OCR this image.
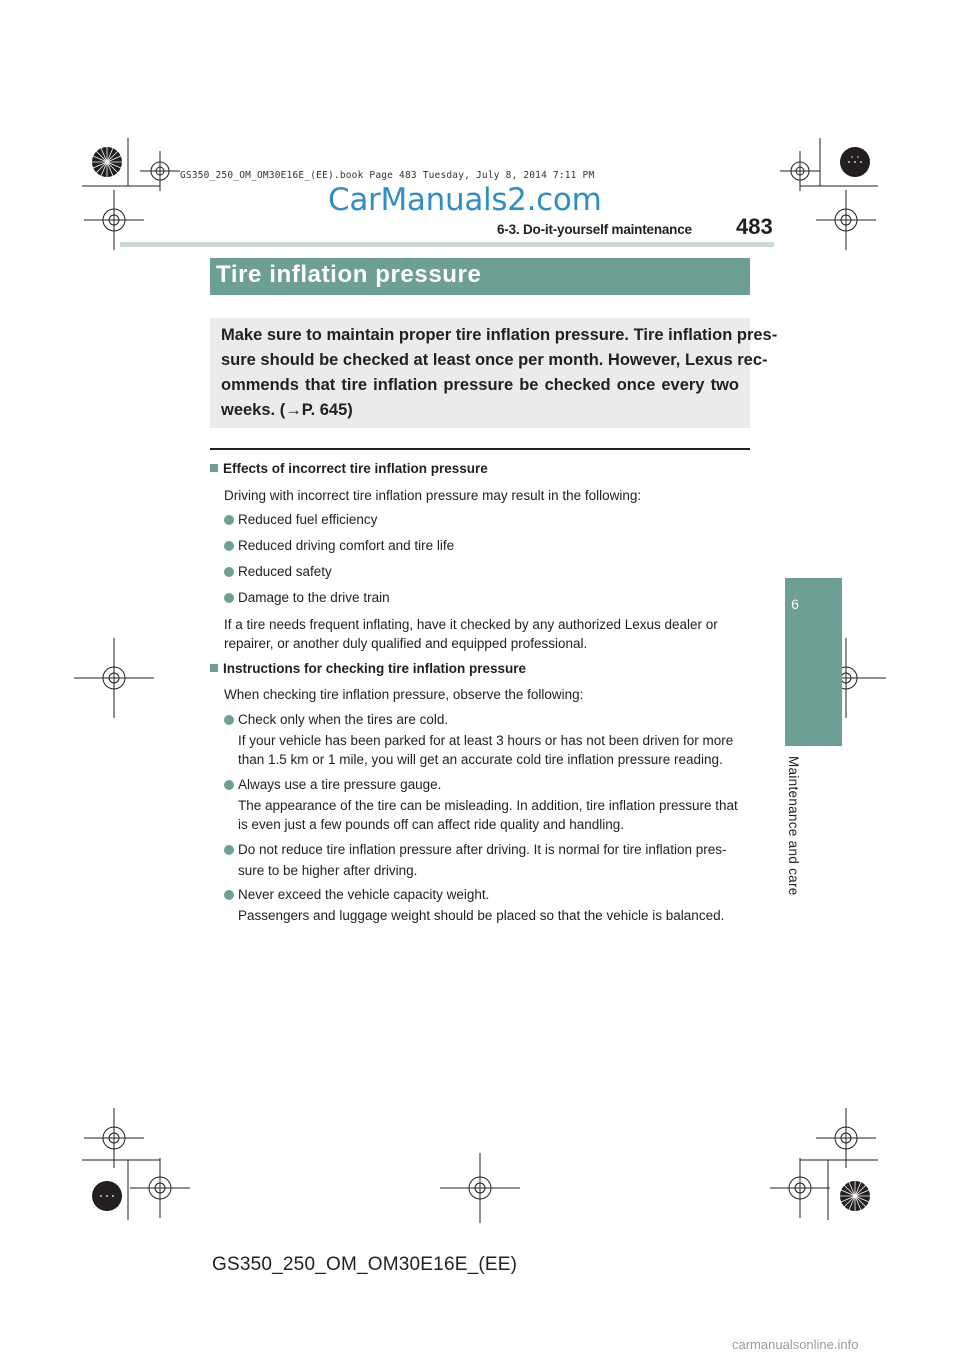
GS350_250_OM_OM30E16E_(EE).book Page 483 Tuesday, July 8, 2014 7:11 PM
CarManuals2.com
6-3. Do-it-yourself maintenance 483
6
Maintenance and care
Tire inflation pressure
Make sure to maintain proper tire inflation pressure. Tire inflation pres-
sure should be checked at least once per month. However, Lexus rec-
ommends that tire inflation pressure be checked once every two
weeks. (→P. 645)
Effects of incorrect tire inflation pressure
Driving with incorrect tire inflation pressure may result in the following:
Reduced fuel efficiency
Reduced driving comfort and tire life
Reduced safety
Damage to the drive train
If a tire needs frequent inflating, have it checked by any authorized Lexus dealer or
repairer, or another duly qualified and equipped professional.
Instructions for checking tire inflation pressure
When checking tire inflation pressure, observe the following:
Check only when the tires are cold.
If your vehicle has been parked for at least 3 hours or has not been driven for more
than 1.5 km or 1 mile, you will get an accurate cold tire inflation pressure reading.
Always use a tire pressure gauge.
The appearance of the tire can be misleading. In addition, tire inflation pressure that
is even just a few pounds off can affect ride quality and handling.
Do not reduce tire inflation pressure after driving. It is normal for tire inflation pres-
sure to be higher after driving.
Never exceed the vehicle capacity weight.
Passengers and luggage weight should be placed so that the vehicle is balanced.
GS350_250_OM_OM30E16E_(EE)
carmanualsonline.info
